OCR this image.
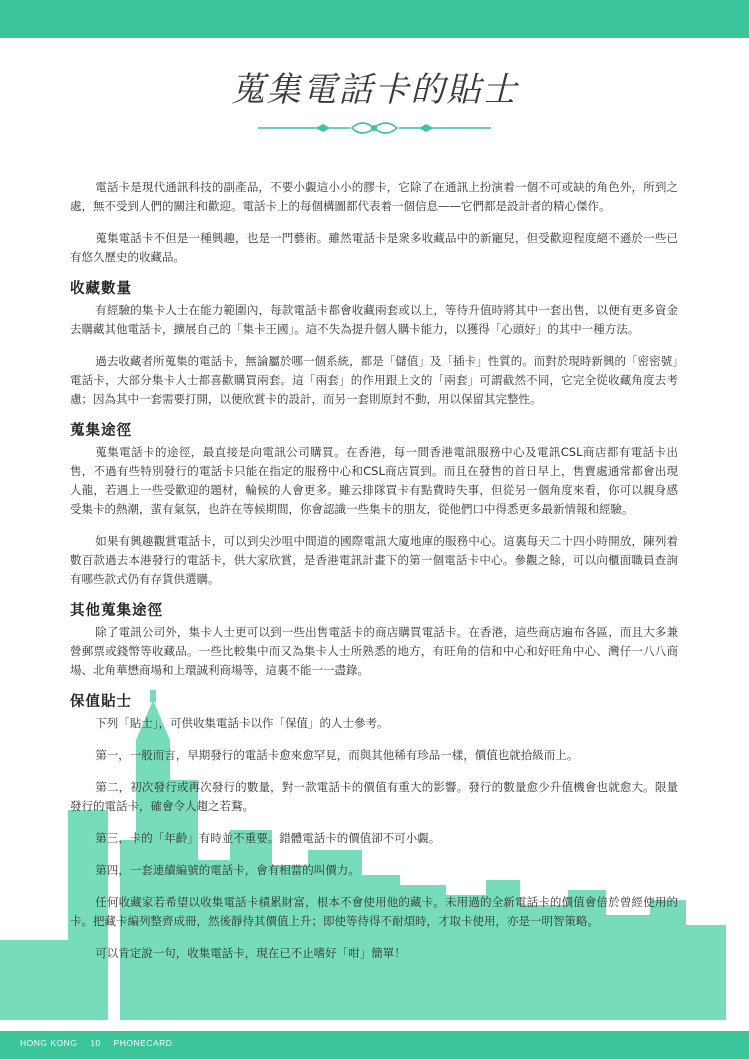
蒐集電話卡的貼士

電話卡是現代通訊科技的副產品，不要小覷這小小的膠卡，它除了在通訊上扮演着一個不可或缺的角色外，所到之處，無不受到人們的關注和歡迎。電話卡上的每個構圖都代表着一個信息——它們都是設計者的精心傑作。

蒐集電話卡不但是一種興趣，也是一門藝術。雖然電話卡是衆多收藏品中的新寵兒，但受歡迎程度絕不遜於一些已有悠久歷史的收藏品。

收藏數量

有經驗的集卡人士在能力範圍內，每款電話卡都會收藏兩套或以上，等待升值時將其中一套出售，以便有更多資金去購藏其他電話卡，擴展自己的「集卡王國」。這不失為提升個人購卡能力，以獲得「心頭好」的其中一種方法。

過去收藏者所蒐集的電話卡，無論屬於哪一個系統，都是「儲值」及「插卡」性質的。而對於現時新興的「密密號」電話卡，大部分集卡人士都喜歡購買兩套。這「兩套」的作用跟上文的「兩套」可謂截然不同，它完全從收藏角度去考慮；因為其中一套需要打開，以便欣賞卡的設計，而另一套則原封不動，用以保留其完整性。

蒐集途徑

蒐集電話卡的途徑，最直接是向電訊公司購買。在香港，每一間香港電訊服務中心及電訊CSL商店都有電話卡出售，不過有些特別發行的電話卡只能在指定的服務中心和CSL商店買到。而且在發售的首日早上，售賣處通常都會出現人龍，若遇上一些受歡迎的題材，輪候的人會更多。雖云排隊買卡有點費時失事，但從另一個角度來看，你可以親身感受集卡的熱潮，蜚有氣氛，也許在等候期間，你會認識一些集卡的朋友，從他們口中得悉更多最新情報和經驗。

如果有興趣觀賞電話卡，可以到尖沙咀中間道的國際電訊大廈地庫的服務中心。這裏每天二十四小時開放，陳列着數百款過去本港發行的電話卡，供大家欣賞，是香港電訊計畫下的第一個電話卡中心。參觀之餘，可以向櫃面職員查詢有哪些款式仍有存貨供選購。

其他蒐集途徑

除了電訊公司外，集卡人士更可以到一些出售電話卡的商店購買電話卡。在香港，這些商店遍布各區，而且大多兼營郵票或錢幣等收藏品。一些比較集中而又為集卡人士所熟悉的地方，有旺角的信和中心和好旺角中心、灣仔一八八商場、北角華懋商場和上環誠利商場等，這裏不能一一盡錄。

保值貼士

下列「貼士」，可供收集電話卡以作「保值」的人士參考。

第一，一般而言，早期發行的電話卡愈來愈罕見，而與其他稀有珍品一樣，價值也就拾級而上。

第二，初次發行或再次發行的數量，對一款電話卡的價值有重大的影響。發行的數量愈少升值機會也就愈大。限量發行的電話卡，確會令人趨之若鶩。

第三，卡的「年齡」有時並不重要。錯體電話卡的價值卻不可小覷。

第四，一套連續編號的電話卡，會有相當的叫價力。

任何收藏家若希望以收集電話卡積累財富，根本不會使用他的藏卡。未用過的全新電話卡的價值會倍於曾經使用的卡。把藏卡編列整齊成冊，然後靜待其價值上升；即使等待得不耐煩時，才取卡使用，亦是一明智策略。

可以肯定說一句，收集電話卡，現在已不止嗜好「咁」簡單！

HONG KONG 10 PHONECARD
